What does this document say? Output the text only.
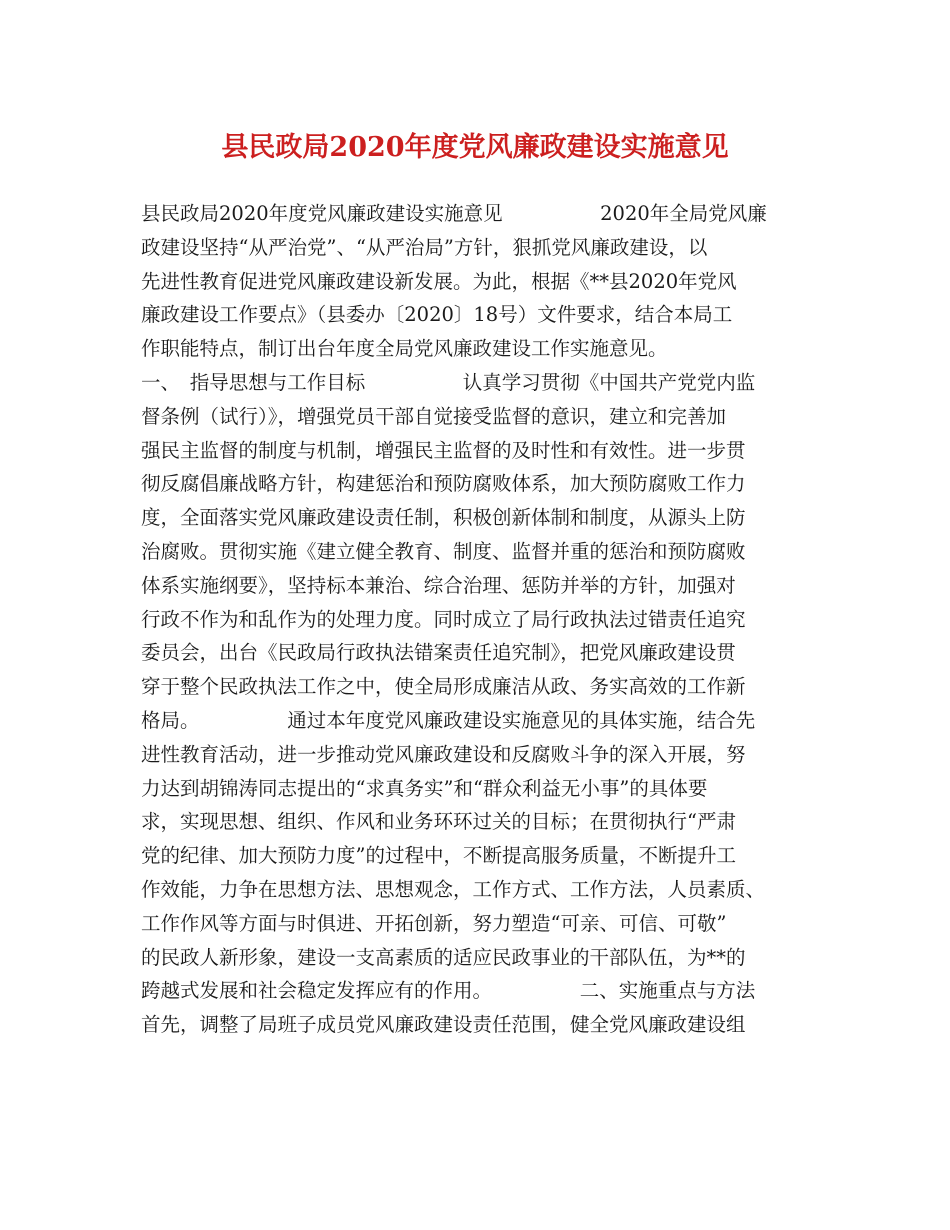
县民政局2020年度党风廉政建设实施意见
县民政局2020年度党风廉政建设实施意见　　　　　2020年全局党风廉
政建设坚持“从严治党”、“从严治局”方针，狠抓党风廉政建设，以
先进性教育促进党风廉政建设新发展。为此，根据《**县2020年党风
廉政建设工作要点》（县委办〔2020〕18号）文件要求，结合本局工
作职能特点，制订出台年度全局党风廉政建设工作实施意见。
一、　指导思想与工作目标　　　　　认真学习贯彻《中国共产党党内监
督条例（试行）》，增强党员干部自觉接受监督的意识，建立和完善加
强民主监督的制度与机制，增强民主监督的及时性和有效性。进一步贯
彻反腐倡廉战略方针，构建惩治和预防腐败体系，加大预防腐败工作力
度，全面落实党风廉政建设责任制，积极创新体制和制度，从源头上防
治腐败。贯彻实施《建立健全教育、制度、监督并重的惩治和预防腐败
体系实施纲要》，坚持标本兼治、综合治理、惩防并举的方针，加强对
行政不作为和乱作为的处理力度。同时成立了局行政执法过错责任追究
委员会，出台《民政局行政执法错案责任追究制》，把党风廉政建设贯
穿于整个民政执法工作之中，使全局形成廉洁从政、务实高效的工作新
格局。　　　　　通过本年度党风廉政建设实施意见的具体实施，结合先
进性教育活动，进一步推动党风廉政建设和反腐败斗争的深入开展，努
力达到胡锦涛同志提出的“求真务实”和“群众利益无小事”的具体要
求，实现思想、组织、作风和业务环环过关的目标；在贯彻执行“严肃
党的纪律、加大预防力度”的过程中，不断提高服务质量，不断提升工
作效能，力争在思想方法、思想观念，工作方式、工作方法，人员素质、
工作作风等方面与时俱进、开拓创新，努力塑造“可亲、可信、可敬”
的民政人新形象，建设一支高素质的适应民政事业的干部队伍，为**的
跨越式发展和社会稳定发挥应有的作用。　　　　　二、实施重点与方法
首先，调整了局班子成员党风廉政建设责任范围，健全党风廉政建设组
